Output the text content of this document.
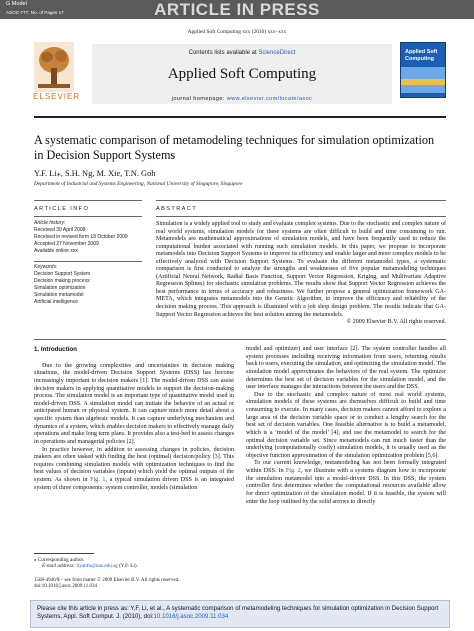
G Model
ASOC-777; No. of Pages 17	ARTICLE IN PRESS
Applied Soft Computing xxx (2010) xxx–xxx
ELSEVIER
Contents lists available at ScienceDirect
Applied Soft Computing
journal homepage: www.elsevier.com/locate/asoc
Applied Soft Computing
A systematic comparison of metamodeling techniques for simulation optimization in Decision Support Systems
Y.F. Li⁎, S.H. Ng, M. Xie, T.N. Goh
Department of Industrial and Systems Engineering, National University of Singapore, Singapore
ARTICLE INFO
Article history:
Received 30 April 2008
Received in revised form 18 October 2009
Accepted 27 November 2009
Available online xxx
Keywords:
Decision Support System
Decision making process
Simulation optimization
Simulation metamodel
Artificial intelligence
ABSTRACT
Simulation is a widely applied tool to study and evaluate complex systems. Due to the stochastic and complex nature of real world systems, simulation models for these systems are often difficult to build and time consuming to run. Metamodels are mathematical approximations of simulation models, and have been frequently used to reduce the computational burden associated with running such simulation models. In this paper, we propose to incorporate metamodels into Decision Support Systems to improve its efficiency and enable larger and more complex models to be effectively analyzed with Decision Support Systems. To evaluate the different metamodel types, a systematic comparison is first conducted to analyze the strengths and weaknesses of five popular metamodeling techniques (Artificial Neural Network, Radial Basis Function, Support Vector Regression, Kriging, and Multivariate Adaptive Regression Splines) for stochastic simulation problems. The results show that Support Vector Regression achieves the best performance in terms of accuracy and robustness. We further propose a general optimization framework GA-META, which integrates metamodels into the Genetic Algorithm, to improve the efficiency and reliability of the decision making process. This approach is illustrated with a job shop design problem. The results indicate that GA-Support Vector Regression achieves the best solution among the metamodels.
© 2009 Elsevier B.V. All rights reserved.
1. Introduction

Due to the growing complexities and uncertainties in decision making situations, the model-driven Decision Support Systems (DSS) has become increasingly important to decision makers [1]. The model-driven DSS can assist decision makers in applying quantitative models to support the decision-making process. The simulation model is an important type of quantitative model used in model-driven DSS. A simulation model can imitate the behavior of an actual or anticipated human or physical system. It can capture much more detail about a specific system than algebraic models. It can capture underlying mechanism and dynamics of a system, which enables decision makers to effectively manage daily operations and make long term plans. It provides also a test-bed to assess changes in operations and managerial policies [2].

In practice however, in addition to assessing changes in policies, decision makers are often tasked with finding the best (optimal) decision/policy [3]. This requires combining simulation models with optimization techniques to find the best values of decision variables (inputs) which yield the optimal outputs of the system. As shown in Fig. 1, a typical simulation driven DSS is an integrated system of three components: system controller, models (simulation

model and optimizer) and user interface [2]. The system controller handles all system processes including receiving information from users, returning results back to users, executing the simulation, and optimizing the simulation model. The simulation model approximates the behaviors of the real system. The optimizer determines the best set of decision variables for the simulation model, and the user interface manages the interactions between the users and the DSS.

Due to the stochastic and complex nature of most real world systems, simulation models of these systems are themselves difficult to build and time consuming to execute. In many cases, decision makers cannot afford to explore a large area of the decision variable space or to conduct a lengthy search for the best set of decision variables. One feasible alternative is to build a metamodel, which is a ‘model of the model’ [4], and use the metamodel to search for the optimal decision variable set. Since metamodels can run much faster than the underlying (computationally costly) simulation models, it is usually used as the objective function approximation of the simulation optimization problem [5,6].

To our current knowledge, metamodeling has not been formally integrated within DSS. In Fig. 2, we illustrate with a systems diagram how to incorporate the simulation metamodel into a model-driven DSS. In this DSS, the system controller first determines whether the computational resources available allow for direct optimization of the simulation model. If it is feasible, the system will enter the loop outlined by the solid arrows to directly

⁎ Corresponding author.
E-mail address: liyanfu@nus.edu.sg (Y.F. Li).
1568-4946/$ – see front matter © 2009 Elsevier B.V. All rights reserved.
doi:10.1016/j.asoc.2009.11.034
Please cite this article in press as: Y.F. Li, et al., A systematic comparison of metamodeling techniques for simulation optimization in Decision Support Systems, Appl. Soft Comput. J. (2010), doi:10.1016/j.asoc.2009.11.034
